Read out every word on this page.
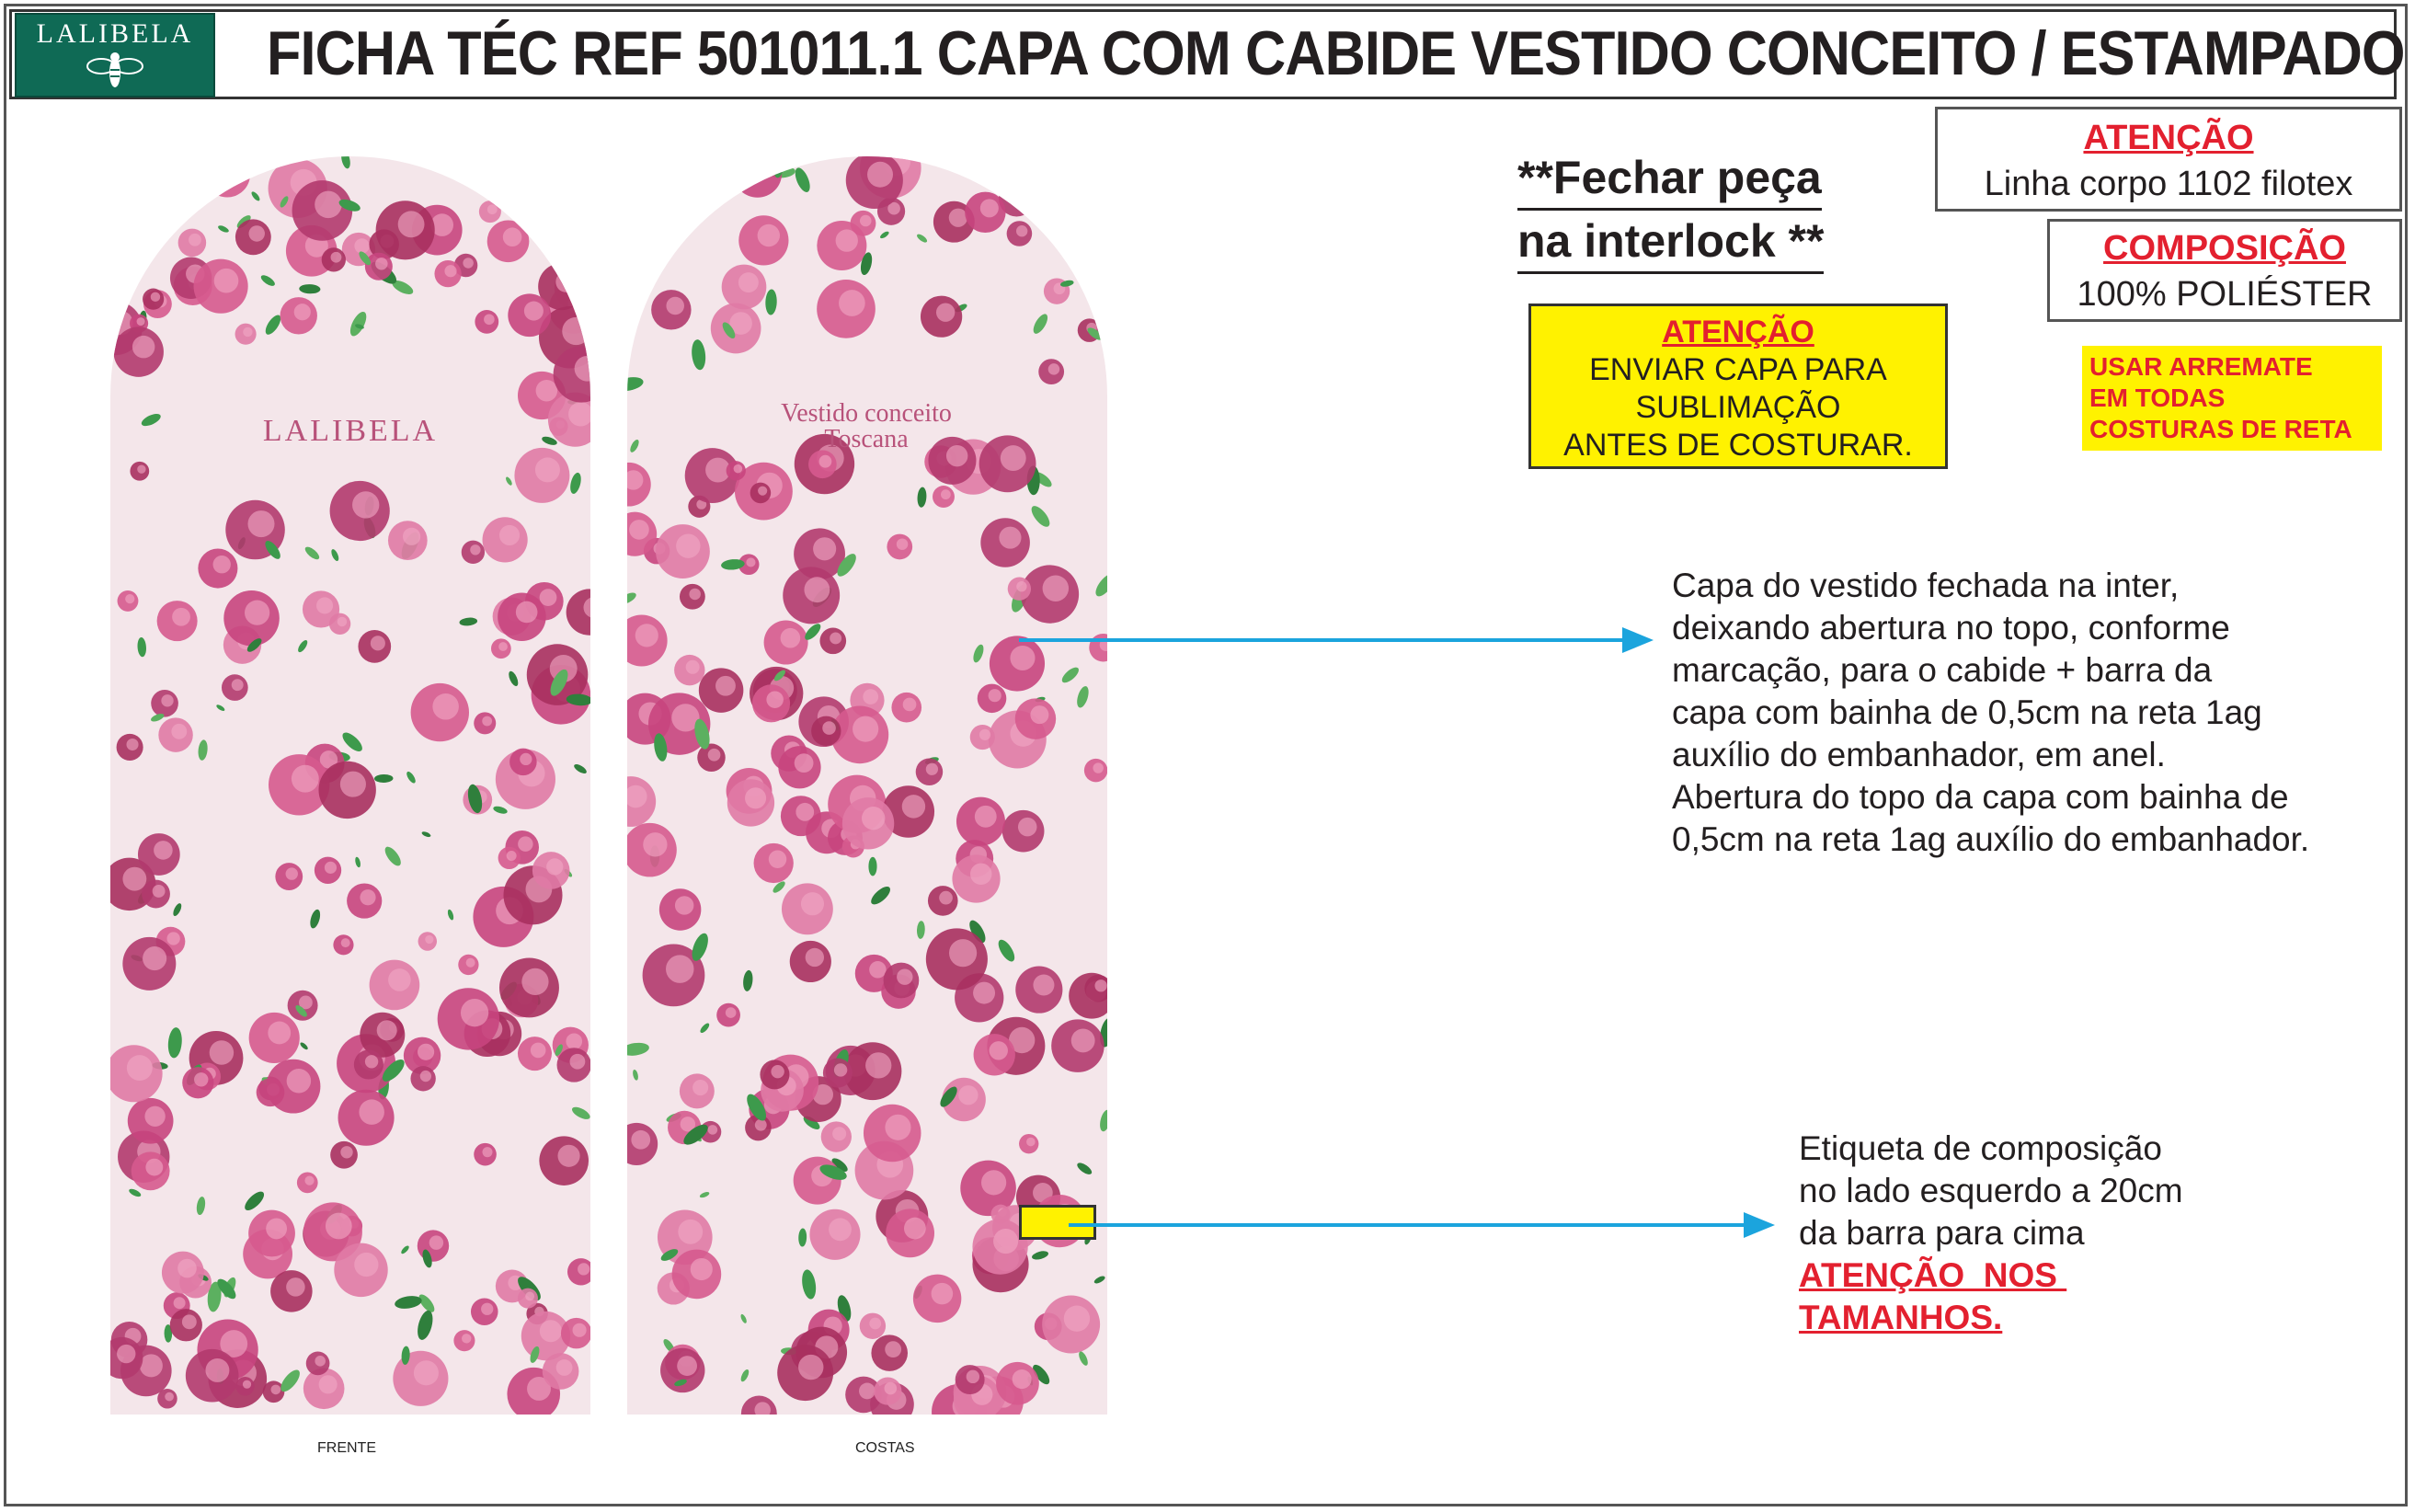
LALIBELA FICHA TÉC REF 501011.1 CAPA COM CABIDE VESTIDO CONCEITO / ESTAMPADO
LALIBELA
FRENTE
Vestido conceito
Toscana
COSTAS
**Fechar peça
na interlock **
ATENÇÃO
ENVIAR CAPA PARA
SUBLIMAÇÃO
ANTES DE COSTURAR.
ATENÇÃO
Linha corpo 1102 filotex
COMPOSIÇÃO
100% POLIÉSTER
USAR ARREMATE
EM TODAS
COSTURAS DE RETA
Capa do vestido fechada na inter,
deixando abertura no topo, conforme
marcação, para o cabide + barra da
capa com bainha de 0,5cm na reta 1ag
auxílio do embanhador, em anel.
Abertura do topo da capa com bainha de
0,5cm na reta 1ag auxílio do embanhador.
Etiqueta de composição
no lado esquerdo a 20cm
da barra para cima
ATENÇÃO  NOS
TAMANHOS.
